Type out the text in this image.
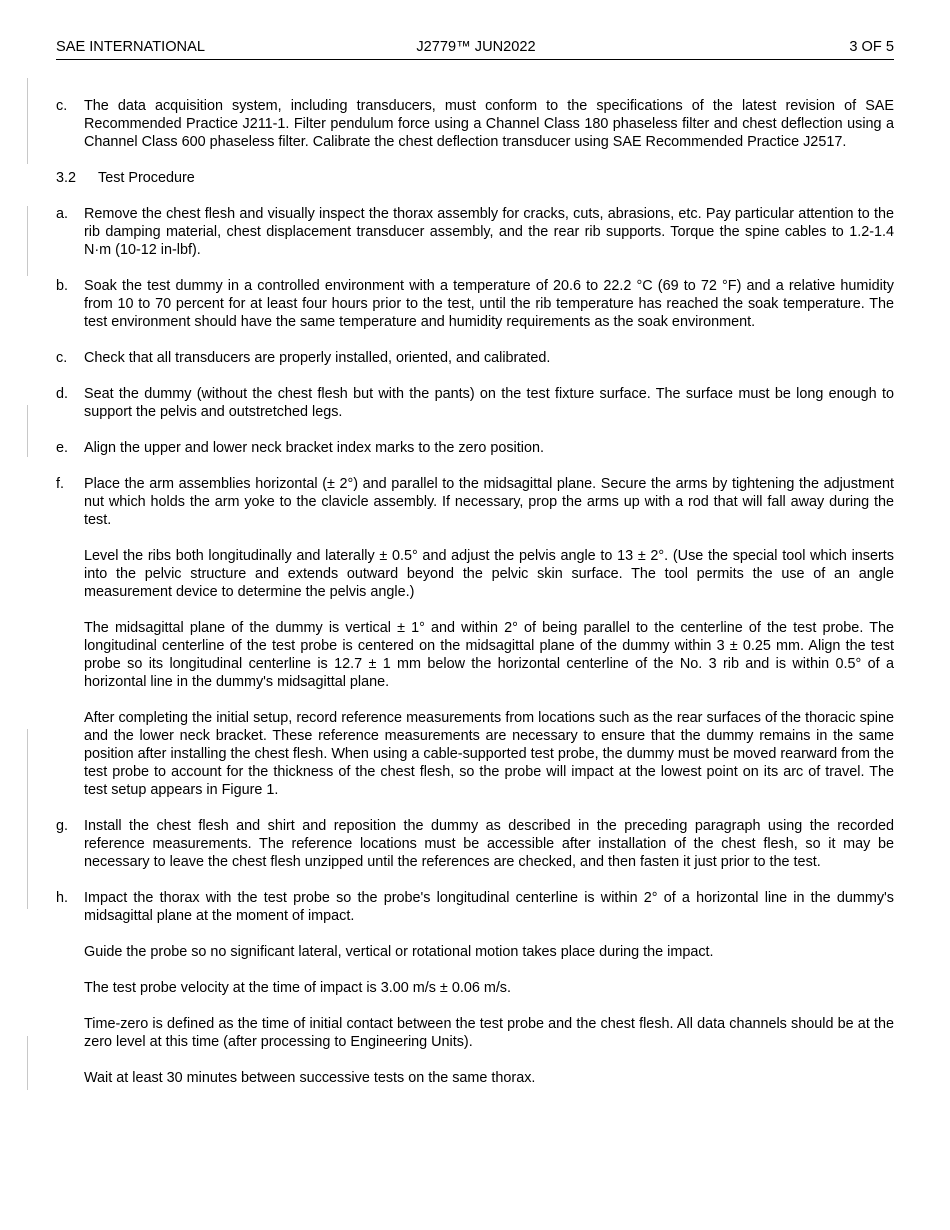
SAE INTERNATIONAL	J2779™ JUN2022	3 OF 5
c. The data acquisition system, including transducers, must conform to the specifications of the latest revision of SAE Recommended Practice J211-1. Filter pendulum force using a Channel Class 180 phaseless filter and chest deflection using a Channel Class 600 phaseless filter. Calibrate the chest deflection transducer using SAE Recommended Practice J2517.

3.2 Test Procedure
a. Remove the chest flesh and visually inspect the thorax assembly for cracks, cuts, abrasions, etc. Pay particular attention to the rib damping material, chest displacement transducer assembly, and the rear rib supports. Torque the spine cables to 1.2-1.4 N·m (10-12 in-lbf).

b. Soak the test dummy in a controlled environment with a temperature of 20.6 to 22.2 °C (69 to 72 °F) and a relative humidity from 10 to 70 percent for at least four hours prior to the test, until the rib temperature has reached the soak temperature. The test environment should have the same temperature and humidity requirements as the soak environment.

c. Check that all transducers are properly installed, oriented, and calibrated.

d. Seat the dummy (without the chest flesh but with the pants) on the test fixture surface. The surface must be long enough to support the pelvis and outstretched legs.

e. Align the upper and lower neck bracket index marks to the zero position.

f. Place the arm assemblies horizontal (± 2°) and parallel to the midsagittal plane. Secure the arms by tightening the adjustment nut which holds the arm yoke to the clavicle assembly. If necessary, prop the arms up with a rod that will fall away during the test.

Level the ribs both longitudinally and laterally ± 0.5° and adjust the pelvis angle to 13 ± 2°. (Use the special tool which inserts into the pelvic structure and extends outward beyond the pelvic skin surface. The tool permits the use of an angle measurement device to determine the pelvis angle.)

The midsagittal plane of the dummy is vertical ± 1° and within 2° of being parallel to the centerline of the test probe. The longitudinal centerline of the test probe is centered on the midsagittal plane of the dummy within 3 ± 0.25 mm. Align the test probe so its longitudinal centerline is 12.7 ± 1 mm below the horizontal centerline of the No. 3 rib and is within 0.5° of a horizontal line in the dummy's midsagittal plane.

After completing the initial setup, record reference measurements from locations such as the rear surfaces of the thoracic spine and the lower neck bracket. These reference measurements are necessary to ensure that the dummy remains in the same position after installing the chest flesh. When using a cable-supported test probe, the dummy must be moved rearward from the test probe to account for the thickness of the chest flesh, so the probe will impact at the lowest point on its arc of travel. The test setup appears in Figure 1.

g. Install the chest flesh and shirt and reposition the dummy as described in the preceding paragraph using the recorded reference measurements. The reference locations must be accessible after installation of the chest flesh, so it may be necessary to leave the chest flesh unzipped until the references are checked, and then fasten it just prior to the test.

h. Impact the thorax with the test probe so the probe's longitudinal centerline is within 2° of a horizontal line in the dummy's midsagittal plane at the moment of impact.

Guide the probe so no significant lateral, vertical or rotational motion takes place during the impact.

The test probe velocity at the time of impact is 3.00 m/s ± 0.06 m/s.

Time-zero is defined as the time of initial contact between the test probe and the chest flesh. All data channels should be at the zero level at this time (after processing to Engineering Units).

Wait at least 30 minutes between successive tests on the same thorax.
